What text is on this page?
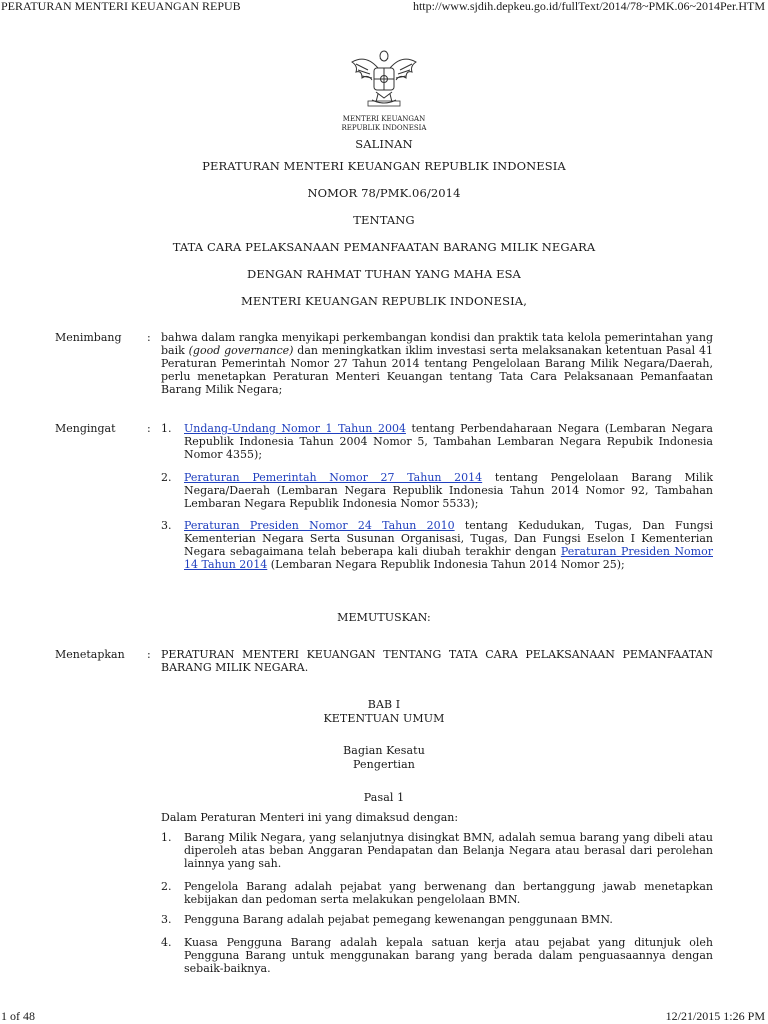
PERATURAN MENTERI KEUANGAN REPUB	http://www.sjdih.depkeu.go.id/fullText/2014/78~PMK.06~2014Per.HTM
MENTERI KEUANGAN
REPUBLIK INDONESIA
SALINAN
PERATURAN MENTERI KEUANGAN REPUBLIK INDONESIA
NOMOR 78/PMK.06/2014
TENTANG
TATA CARA PELAKSANAAN PEMANFAATAN BARANG MILIK NEGARA
DENGAN RAHMAT TUHAN YANG MAHA ESA
MENTERI KEUANGAN REPUBLIK INDONESIA,
Menimbang : bahwa dalam rangka menyikapi perkembangan kondisi dan praktik tata kelola pemerintahan yang baik (good governance) dan meningkatkan iklim investasi serta melaksanakan ketentuan Pasal 41 Peraturan Pemerintah Nomor 27 Tahun 2014 tentang Pengelolaan Barang Milik Negara/Daerah, perlu menetapkan Peraturan Menteri Keuangan tentang Tata Cara Pelaksanaan Pemanfaatan Barang Milik Negara;

Mengingat	: 1. Undang-Undang Nomor 1 Tahun 2004 tentang Perbendaharaan Negara (Lembaran Negara Republik Indonesia Tahun 2004 Nomor 5, Tambahan Lembaran Negara Repubik Indonesia Nomor 4355);

2. Peraturan Pemerintah Nomor 27 Tahun 2014 tentang Pengelolaan Barang Milik Negara/Daerah (Lembaran Negara Republik Indonesia Tahun 2014 Nomor 92, Tambahan Lembaran Negara Republik Indonesia Nomor 5533);

3. Peraturan Presiden Nomor 24 Tahun 2010 tentang Kedudukan, Tugas, Dan Fungsi Kementerian Negara Serta Susunan Organisasi, Tugas, Dan Fungsi Eselon I Kementerian Negara sebagaimana telah beberapa kali diubah terakhir dengan Peraturan Presiden Nomor 14 Tahun 2014 (Lembaran Negara Republik Indonesia Tahun 2014 Nomor 25);

MEMUTUSKAN:
Menetapkan : PERATURAN MENTERI KEUANGAN TENTANG TATA CARA PELAKSANAAN PEMANFAATAN BARANG MILIK NEGARA.

BAB I
KETENTUAN UMUM
Bagian Kesatu
Pengertian
Pasal 1
Dalam Peraturan Menteri ini yang dimaksud dengan:
1. Barang Milik Negara, yang selanjutnya disingkat BMN, adalah semua barang yang dibeli atau diperoleh atas beban Anggaran Pendapatan dan Belanja Negara atau berasal dari perolehan lainnya yang sah.

2. Pengelola Barang adalah pejabat yang berwenang dan bertanggung jawab menetapkan kebijakan dan pedoman serta melakukan pengelolaan BMN.

3. Pengguna Barang adalah pejabat pemegang kewenangan penggunaan BMN.

4. Kuasa Pengguna Barang adalah kepala satuan kerja atau pejabat yang ditunjuk oleh Pengguna Barang untuk menggunakan barang yang berada dalam penguasaannya dengan sebaik-baiknya.

1 of 48	12/21/2015 1:26 PM
